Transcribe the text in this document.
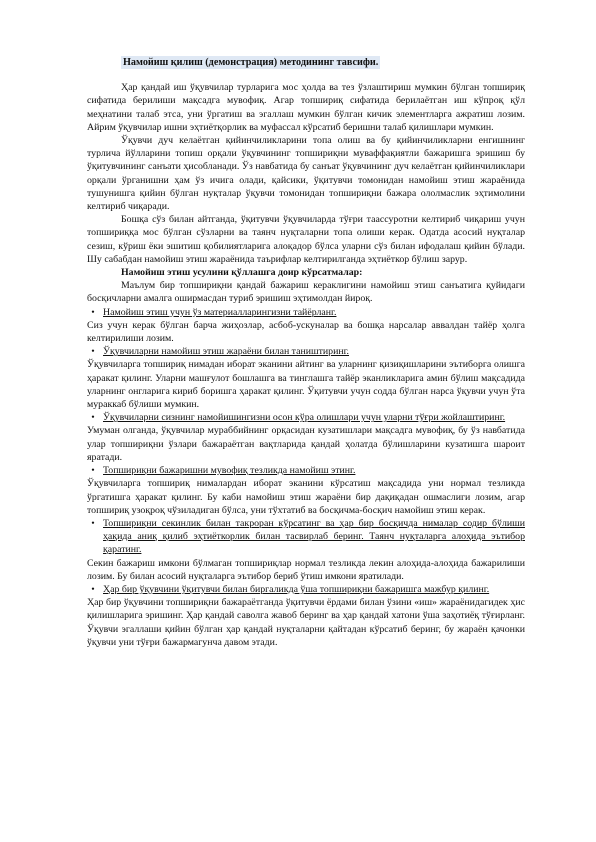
Намойиш қилиш (демонстрация) методининг тавсифи.

Ҳар қандай иш ўқувчилар турларига мос ҳолда ва тез ўзлаштириш мумкин бўлган топшириқ сифатида берилиши мақсадга мувофиқ. Агар топшириқ сифатида берилаётган иш кўпроқ қўл меҳнатини талаб этса, уни ўргатиш ва эгаллаш мумкин бўлган кичик элементларга ажратиш лозим. Айрим ўқувчилар ишни эҳтиётқорлик ва муфассал кўрсатиб беришни талаб қилишлари мумкин.

Ўқувчи дуч келаётган қийинчиликларини топа олиш ва бу қийинчиликларни енгишнинг турлича йўлларини топиш орқали ўқувчининг топшириқни муваффақиятли бажаришга эришиш бу ўқитувчининг санъати ҳисобланади. Ўз навбатида бу санъат ўқувчининг дуч келаётган қийинчиликлари орқали ўрганишни ҳам ўз ичига олади, қайсики, ўқитувчи томонидан намойиш этиш жараёнида тушунишга қийин бўлган нуқталар ўқувчи томонидан топшириқни бажара ололмаслик эҳтимолини келтириб чиқаради.

Бошқа сўз билан айтганда, ўқитувчи ўқувчиларда тўғри таассуротни келтириб чиқариш учун топшириққа мос бўлган сўзларни ва таянч нуқталарни топа олиши керак. Одатда асосий нуқталар сезиш, кўриш ёки эшитиш қобилиятларига алоқадор бўлса уларни сўз билан ифодалаш қийин бўлади. Шу сабабдан намойиш этиш жараёнида таърифлар келтирилганда эҳтиёткор бўлиш зарур.

Намойиш этиш усулини қўллашга доир кўрсатмалар:

Маълум бир топшириқни қандай бажариш кераклигини намойиш этиш санъатига қуйидаги босқичларни амалга оширмасдан туриб эришиш эҳтимолдан йироқ.

• Намойиш этиш учун ўз материалларингизни тайёрланг.

Сиз учун керак бўлган барча жиҳозлар, асбоб-ускуналар ва бошқа нарсалар аввалдан тайёр ҳолга келтирилиши лозим.

• Ўқувчиларни намойиш этиш жараёни билан таништиринг.

Ўқувчиларга топшириқ нимадан иборат эканини айтинг ва уларнинг қизиқишларини эътиборга олишга ҳаракат қилинг. Уларни машғулот бошлашга ва тинглашга тайёр эканликларига амин бўлиш мақсадида уларнинг онгларига кириб боришга ҳаракат қилинг. Ўқитувчи учун содда бўлган нарса ўқувчи учун ўта мураккаб бўлиши мумкин.

• Ўқувчиларни сизнинг намойишингизни осон кўра олишлари учун уларни тўғри жойлаштиринг.

Умуман олганда, ўқувчилар мураббийнинг орқасидан кузатишлари мақсадга мувофиқ, бу ўз навбатида улар топшириқни ўзлари бажараётган вақтларида қандай ҳолатда бўлишларини кузатишга шароит яратади.

• Топшириқни бажаришни мувофиқ тезликда намойиш этинг.

Ўқувчиларга топшириқ нималардан иборат эканини кўрсатиш мақсадида уни нормал тезликда ўргатишга ҳаракат қилинг. Бу каби намойиш этиш жараёни бир дақиқадан ошмаслиги лозим, агар топшириқ узоқроқ чўзиладиган бўлса, уни тўхтатиб ва босқичма-босқич намойиш этиш керак.

• Топшириқни секинлик билан такроран кўрсатинг ва ҳар бир босқичда нималар содир бўлиши ҳақида аниқ қилиб эҳтиёткорлик билан тасвирлаб беринг. Таянч нуқталарга алоҳида эътибор қаратинг.

Секин бажариш имкони бўлмаган топшириқлар нормал тезликда лекин алоҳида-алоҳида бажарилиши лозим. Бу билан асосий нуқталарга эътибор бериб ўтиш имкони яратилади.

• Ҳар бир ўқувчини ўқитувчи билан биргаликда ўша топшириқни бажаришга мажбур қилинг.

Ҳар бир ўқувчини топшириқни бажараётганда ўқитувчи ёрдами билан ўзини «иш» жараёнидагидек ҳис қилишларига эришинг. Ҳар қандай саволга жавоб беринг ва ҳар қандай хатони ўша заҳотиёқ тўғирланг. Ўқувчи эгаллаши қийин бўлган ҳар қандай нуқталарни қайтадан кўрсатиб беринг, бу жараён қачонки ўқувчи уни тўғри бажармагунча давом этади.
